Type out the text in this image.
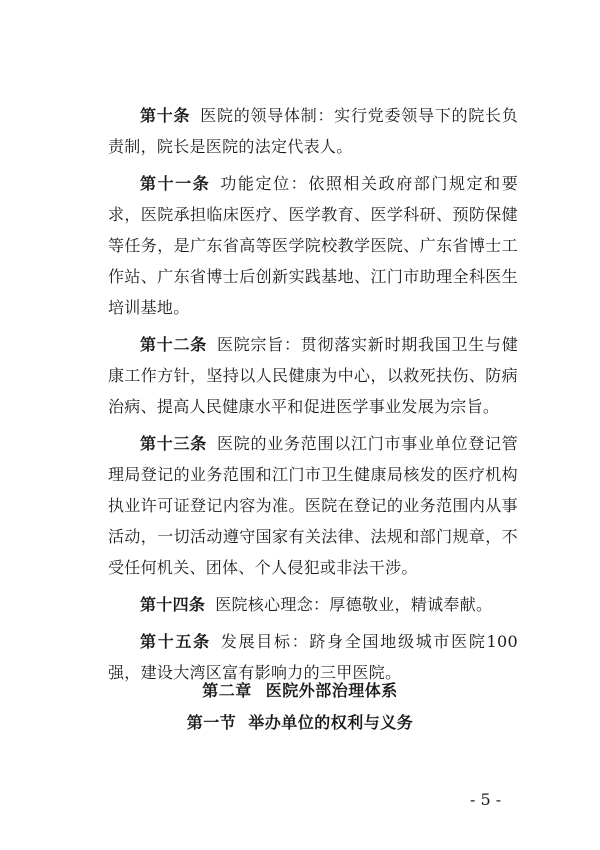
第十条 医院的领导体制：实行党委领导下的院长负责制，院长是医院的法定代表人。

第十一条 功能定位：依照相关政府部门规定和要求，医院承担临床医疗、医学教育、医学科研、预防保健等任务，是广东省高等医学院校教学医院、广东省博士工作站、广东省博士后创新实践基地、江门市助理全科医生培训基地。

第十二条 医院宗旨：贯彻落实新时期我国卫生与健康工作方针，坚持以人民健康为中心，以救死扶伤、防病治病、提高人民健康水平和促进医学事业发展为宗旨。

第十三条 医院的业务范围以江门市事业单位登记管理局登记的业务范围和江门市卫生健康局核发的医疗机构执业许可证登记内容为准。医院在登记的业务范围内从事活动，一切活动遵守国家有关法律、法规和部门规章，不受任何机关、团体、个人侵犯或非法干涉。

第十四条 医院核心理念：厚德敬业，精诚奉献。

第十五条 发展目标：跻身全国地级城市医院100强，建设大湾区富有影响力的三甲医院。

第二章 医院外部治理体系
第一节 举办单位的权利与义务
- 5 -
